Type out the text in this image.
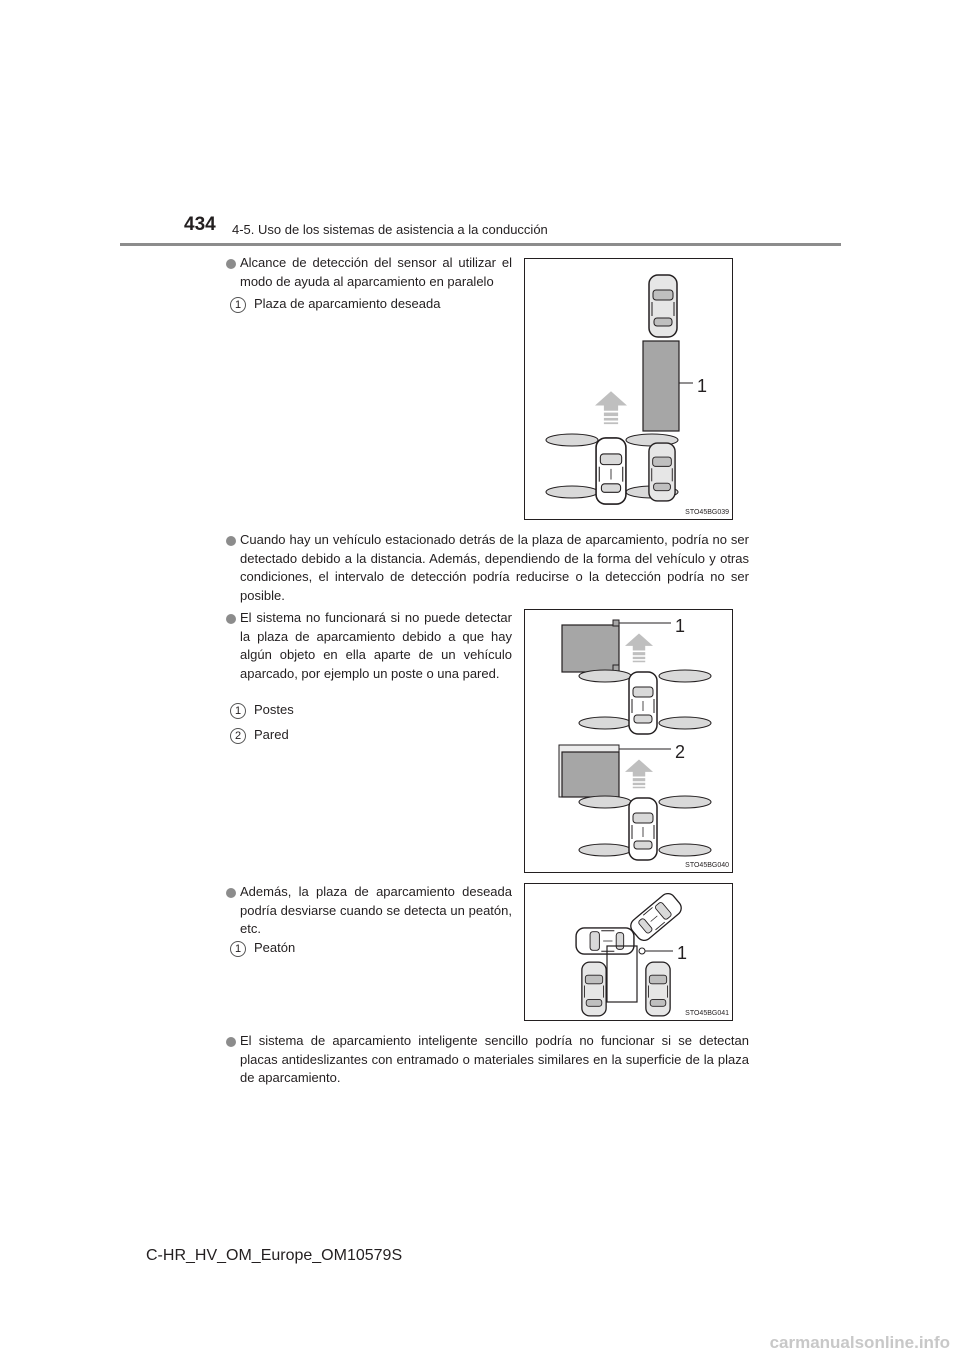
434 4-5. Uso de los sistemas de asistencia a la conducción
Alcance de detección del sensor al utilizar el modo de ayuda al aparcamiento en paralelo
1 Plaza de aparcamiento deseada
1
STO45BG039
Cuando hay un vehículo estacionado detrás de la plaza de aparcamiento, podría no ser detectado debido a la distancia. Además, dependiendo de la forma del vehículo y otras condiciones, el intervalo de detección podría reducirse o la detección podría no ser posible.
El sistema no funcionará si no puede detectar la plaza de aparcamiento debido a que hay algún objeto en ella aparte de un vehículo aparcado, por ejemplo un poste o una pared.
1 Postes
2 Pared
1
2
STO45BG040
Además, la plaza de aparcamiento deseada podría desviarse cuando se detecta un peatón, etc.
1 Peatón	1
STO45BG041
El sistema de aparcamiento inteligente sencillo podría no funcionar si se detectan placas antideslizantes con entramado o materiales similares en la superficie de la plaza de aparcamiento.
C-HR_HV_OM_Europe_OM10579S
carmanualsonline.info
